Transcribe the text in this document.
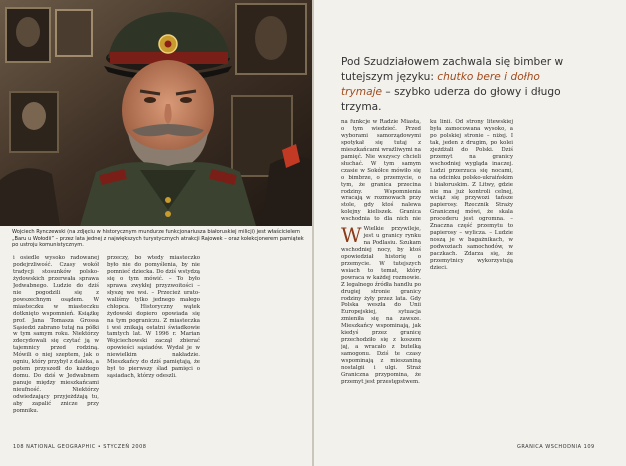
Wojciech Rynczewski (na zdjęciu w historycznym mundurze funkcjonariusza białoruskiej milicji) jest właścicielem „Baru u Wołodii” – przez lata jednej z największych turystycznych atrakcji Rajowek – oraz kolekcjonerem pamiątek po ustroju komunistycznym.

i osiedle wysoko radowanej podejrzliwość. Czasy wokół tradycji stosunków polsko-żydowskich przerwała sprawa Jedwabnego. Ludzie do dziś nie pogodzili się z powszechnym osądem. W miasteczku w miasteczku dotknięto wspomnień. Książkę prof. Jana Tomasza Grossa Sąsiedzi zabrano tutaj na półki w tym samym roku. Niektórzy zdecydowali się czytać ją w tajemnicy przed rodziną. Mówili o niej szeptem, jak o ogniu, który przybył z daleka, a potem przyszedł do każdego domu. Do dziś w Jedwabnem panuje między mieszkańcami nieufność. Niektórzy odwiedzający przyjeżdżają tu, aby zapalić znicze przy pomniku.

przeczy, bo wtedy miasteczko było nie do pomyślenia, by nie pomnieć dziecka. Do dziś wstydzą się o tym mówić. – To było sprawa zwykłej przyzwoitości – słyszę we wsi. – Przecież urato-waliśmy tylko jednego małego chłopca. Historyczny wątek żydowski dopiero opowiada się na tym pograniczu. Z miasteczka i wsi znikają ostatni świadkowie tamtych lat. W 1996 r. Marian Wojciechowski zaczął zbierać opowieści sąsiadów. Wydał je w niewielkim nakładzie. Mieszkańcy do dziś pamiętają, że był to pierwszy ślad pamięci o sąsiadach, którzy odeszli.

108 NATIONAL GEOGRAPHIC • STYCZEŃ 2008
Pod Szudziałowem zachwala się bimber w tutejszym języku: chutko bere i dołho trymaje – szybko uderza do głowy i długo trzyma.

na funkcje w Radzie Miasta, o tym wiedzieć. Przed wyborami samorządowymi spotykał się tutaj z mieszkańcami wrażliwymi na pamięć. Nie wszyscy chcieli słuchać. W tym samym czasie w Sokółce mówiło się o bimbrze, o przemycie, o tym, że granica przecina rodziny. Wspomnienia wracają w rozmowach przy stole, gdy ktoś nalewa kolejny kieliszek. Granica wschodnia to dla nich nie

W Wielkie przywileje, jest u granicy rynku na Podlasiu. Szukam wschodniej nocy, by ktoś opowiedział historię o przemycie. W tutejszych wsiach to temat, który powraca w każdej rozmowie. Z legalnego źródła handlu po drugiej stronie granicy rodziny żyły przez lata. Gdy Polska weszła do Unii Europejskiej, sytuacja zmieniła się na zawsze. Mieszkańcy wspominają, jak kiedyś przez granicę przechodziło się z koszem jaj, a wracało z butelką samogonu. Dziś te czasy wspominają z mieszaniną nostalgii i ulgi. Straż Graniczna przypomina, że przemyt jest przestępstwem.

ku linii. Od strony litewskiej była zamocowana wysoko, a po polskiej stronie – niżej. I tak, jeden z drugim, po kolei zjeżdżali do Polski. Dziś przemyt na granicy wschodniej wygląda inaczej. Ludzi przerzuca się nocami, na odcinku polsko-ukraińskim i białoruskim. Z Litwy, gdzie nie ma już kontroli celnej, wciąż się przywozi tańsze papierosy. Rzecznik Straży Granicznej mówi, że skala procederu jest ogromna. – Znaczna część przemytu to papierosy – wylicza. – Ludzie noszą je w bagażnikach, w podwoziach samochodów, w paczkach. Zdarza się, że przemytnicy wykorzystują dzieci.

GRANICA WSCHODNIA 109
